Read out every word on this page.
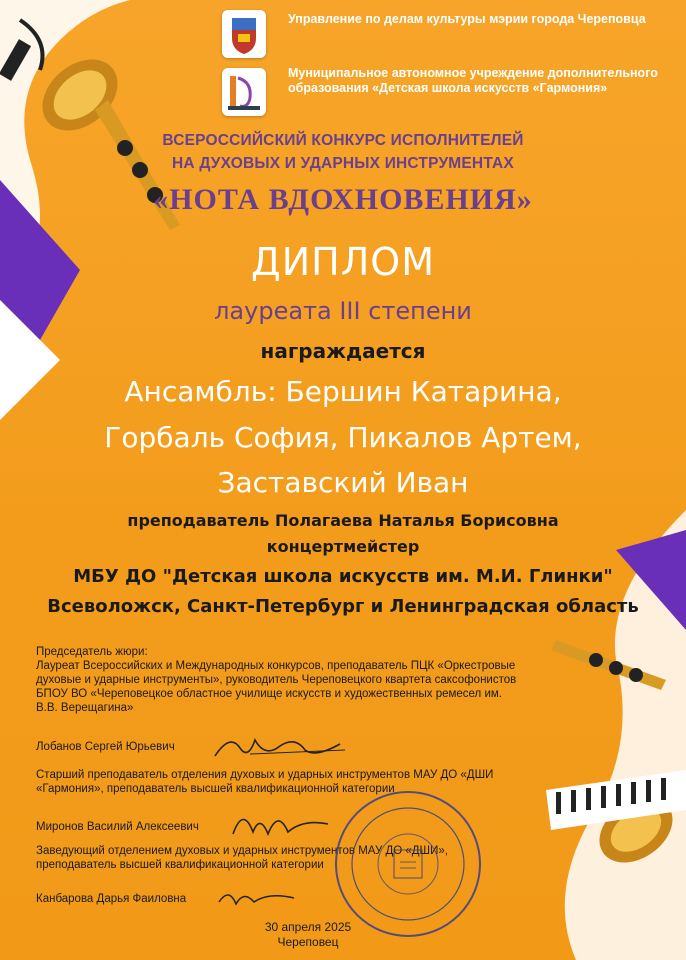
Управление по делам культуры мэрии города Череповца
Муниципальное автономное учреждение дополнительного образования «Детская школа искусств «Гармония»
ВСЕРОССИЙСКИЙ КОНКУРС ИСПОЛНИТЕЛЕЙ
НА ДУХОВЫХ И УДАРНЫХ ИНСТРУМЕНТАХ
«НОТА ВДОХНОВЕНИЯ»
ДИПЛОМ
лауреата III степени
награждается
Ансамбль: Бершин Катарина,
Горбаль София, Пикалов Артем,
Заставский Иван
преподаватель Полагаева Наталья Борисовна
концертмейстер
МБУ ДО "Детская школа искусств им. М.И. Глинки"
Всеволожск, Санкт-Петербург и Ленинградская область
Председатель жюри:
Лауреат Всероссийских и Международных конкурсов, преподаватель ПЦК «Оркестровые духовые и ударные инструменты», руководитель Череповецкого квартета саксофонистов БПОУ ВО «Череповецкое областное училище искусств и художественных ремесел им. В.В. Верещагина»
Лобанов Сергей Юрьевич
Старший преподаватель отделения духовых и ударных инструментов МАУ ДО «ДШИ «Гармония», преподаватель высшей квалификационной категории
Миронов Василий Алексеевич
Заведующий отделением духовых и ударных инструментов МАУ ДО «ДШИ», преподаватель высшей квалификационной категории
Канбарова Дарья Фаиловна
30 апреля 2025
Череповец
